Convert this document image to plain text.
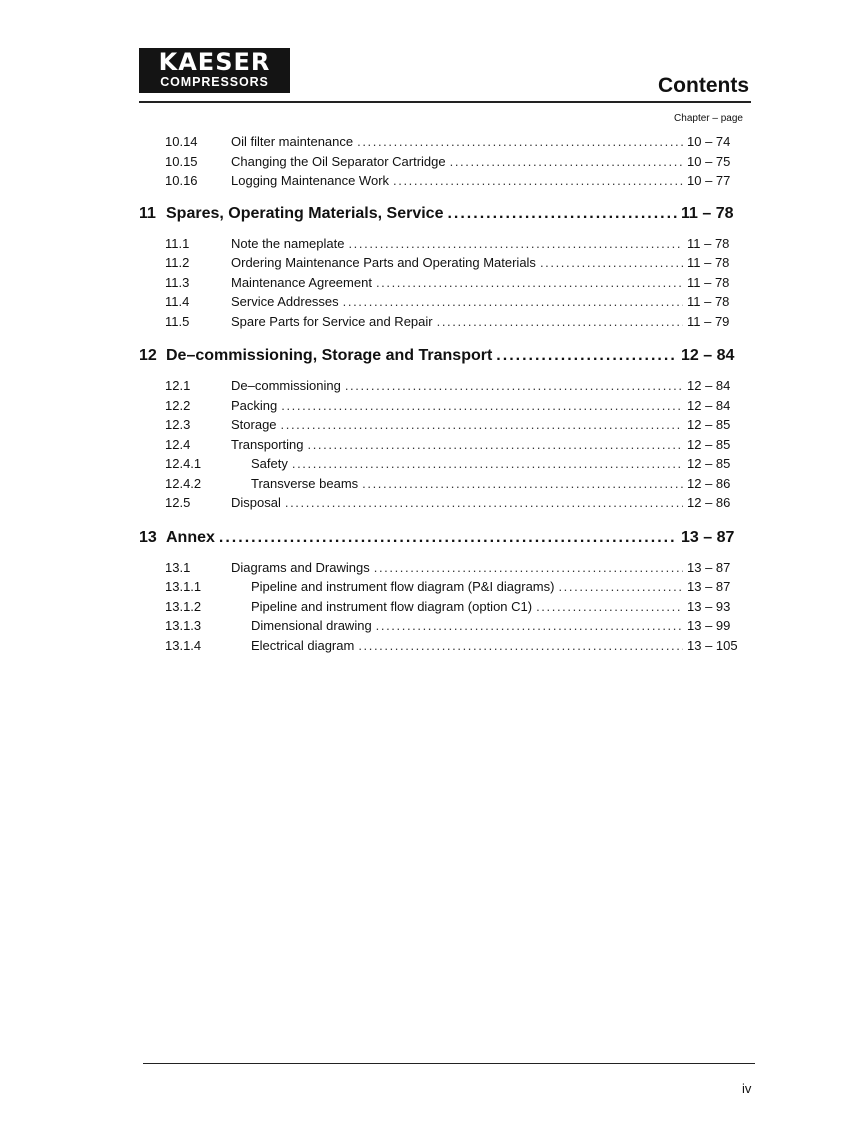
KAESER
COMPRESSORS	Contents
Chapter – page
10.14	Oil filter maintenance .....	10 – 74
10.15	Changing the Oil Separator Cartridge .....	10 – 75
10.16	Logging Maintenance Work .....	10 – 77
11 Spares, Operating Materials, Service .....	11 – 78
11.1	Note the nameplate .....	11 – 78
11.2	Ordering Maintenance Parts and Operating Materials .....	11 – 78
11.3	Maintenance Agreement .....	11 – 78
11.4	Service Addresses .....	11 – 78
11.5	Spare Parts for Service and Repair .....	11 – 79
12 De–commissioning, Storage and Transport .....	12 – 84
12.1	De–commissioning .....	12 – 84
12.2	Packing .....	12 – 84
12.3	Storage .....	12 – 85
12.4	Transporting .....	12 – 85
12.4.1	Safety .....	12 – 85
12.4.2	Transverse beams .....	12 – 86
12.5	Disposal .....	12 – 86
13 Annex .....	13 – 87
13.1	Diagrams and Drawings .....	13 – 87
13.1.1	Pipeline and instrument flow diagram (P&I diagrams) .....	13 – 87
13.1.2	Pipeline and instrument flow diagram (option C1) .....	13 – 93
13.1.3	Dimensional drawing .....	13 – 99
13.1.4	Electrical diagram .....	13 – 105
iv
